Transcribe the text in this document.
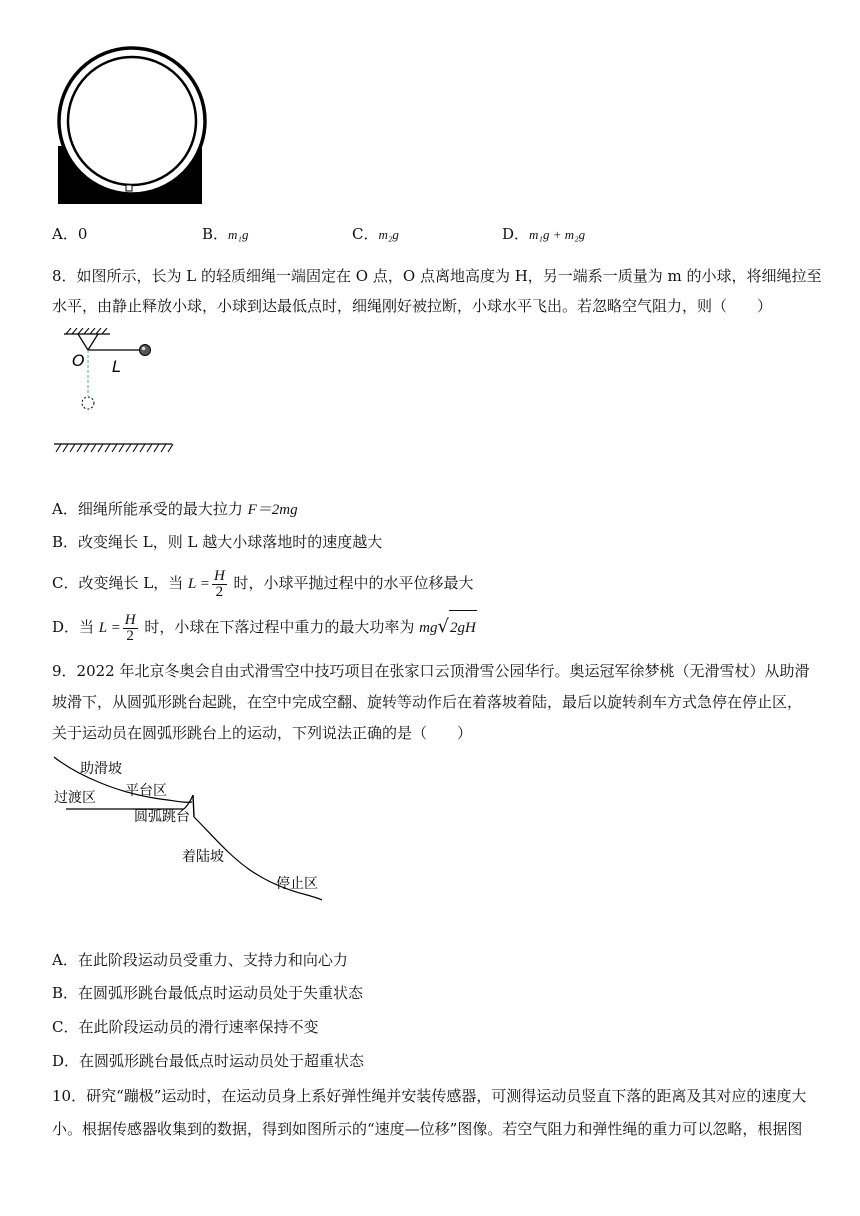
A．0	B．m₁g	C．m₂g	D．m₁g + m₂g
8．如图所示，长为 L 的轻质细绳一端固定在 O 点，O 点离地高度为 H，另一端系一质量为 m 的小球，将细绳拉至
水平，由静止释放小球，小球到达最低点时，细绳刚好被拉断，小球水平飞出。若忽略空气阻力，则（　　）
O L
A．细绳所能承受的最大拉力 F＝2mg
B．改变绳长 L，则 L 越大小球落地时的速度越大
C．改变绳长 L，当 $L = \frac{H}{2}$ 时，小球平抛过程中的水平位移最大
D．当 $L = \frac{H}{2}$ 时，小球在下落过程中重力的最大功率为 mg√2gH
9．2022 年北京冬奥会自由式滑雪空中技巧项目在张家口云顶滑雪公园华行。奥运冠军徐梦桃（无滑雪杖）从助滑
坡滑下，从圆弧形跳台起跳，在空中完成空翻、旋转等动作后在着落坡着陆，最后以旋转刹车方式急停在停止区，
关于运动员在圆弧形跳台上的运动，下列说法正确的是（　　）
助滑坡
平台区
过渡区
圆弧跳台
着陆坡
停止区
A．在此阶段运动员受重力、支持力和向心力
B．在圆弧形跳台最低点时运动员处于失重状态
C．在此阶段运动员的滑行速率保持不变
D．在圆弧形跳台最低点时运动员处于超重状态
10．研究“蹦极”运动时，在运动员身上系好弹性绳并安装传感器，可测得运动员竖直下落的距离及其对应的速度大
小。根据传感器收集到的数据，得到如图所示的“速度—位移”图像。若空气阻力和弹性绳的重力可以忽略，根据图
